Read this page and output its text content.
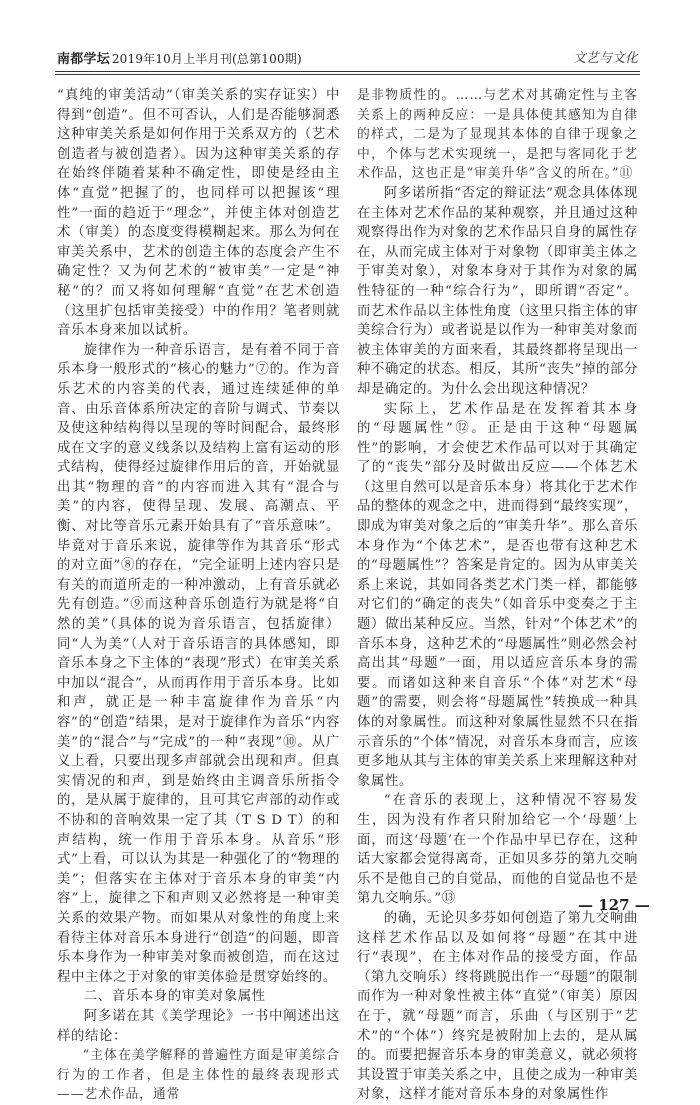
南都学坛 2019年10月上半月刊(总第100期)	文艺与文化

“真纯的审美活动”（审美关系的实存证实）中得到“创造”。但不可否认，人们是否能够洞悉这种审美关系是如何作用于关系双方的（艺术创造者与被创造者）。因为这种审美关系的存在始终伴随着某种不确定性，即使是经由主体“直觉”把握了的，也同样可以把握该“理性”一面的趋近于“理念”，并使主体对创造艺术（审美）的态度变得模糊起来。那么为何在审美关系中，艺术的创造主体的态度会产生不确定性？又为何艺术的“被审美”一定是“神秘”的？而又将如何理解“直觉”在艺术创造（这里扩包括审美接受）中的作用？笔者则就音乐本身来加以试析。

旋律作为一种音乐语言，是有着不同于音乐本身一般形式的“核心的魅力”⑦的。作为音乐艺术的内容美的代表，通过连续延伸的单音、由乐音体系所决定的音阶与调式、节奏以及使这种结构得以呈现的等时间配合，最终形成在文字的意义线条以及结构上富有运动的形式结构，使得经过旋律作用后的音，开始就显出其“物理的音”的内容而进入其有“混合与美”的内容，使得呈现、发展、高潮点、平衡、对比等音乐元素开始具有了“音乐意味”。毕竟对于音乐来说，旋律等作为其音乐“形式的对立面”⑧的存在，“完全证明上述内容只是有关的而道所走的一种冲激动，上有音乐就必先有创造。”⑨而这种音乐创造行为就是将“自然的美”（具体的说为音乐语言，包括旋律）同“人为美”（人对于音乐语言的具体感知，即音乐本身之下主体的“表现”形式）在审美关系中加以“混合”，从而再作用于音乐本身。比如和声，就正是一种丰富旋律作为音乐“内容”的“创造”结果，是对于旋律作为音乐“内容美”的“混合”与“完成”的一种“表现”⑩。从广义上看，只要出现多声部就会出现和声。但真实情况的和声，到是始终由主调音乐所指令的，是从属于旋律的，且可其它声部的动作或不协和的音响效果一定了其（T S D T）的和声结构，统一作用于音乐本身。从音乐“形式”上看，可以认为其是一种强化了的“物理的美”；但落实在主体对于音乐本身的审美“内容”上，旋律之下和声则又必然将是一种审美关系的效果产物。而如果从对象性的角度上来看待主体对音乐本身进行“创造”的问题，即音乐本身作为一种审美对象而被创造，而在这过程中主体之于对象的审美体验是贯穿始终的。

二、音乐本身的审美对象属性

阿多诺在其《美学理论》一书中阐述出这样的结论：

“主体在美学解释的普遍性方面是审美综合行为的工作者，但是主体性的最终表现形式——艺术作品，通常

是非物质性的。……与艺术对其确定性与主客关系上的两种反应：一是具体使其感知为自律的样式，二是为了显现其本体的自律于现象之中，个体与艺术实现统一，是把与客同化于艺术作品，这也正是“审美升华”含义的所在。”⑪

阿多诺所指“否定的辩证法”观念具体体现在主体对艺术作品的某种观察，并且通过这种观察得出作为对象的艺术作品只自身的属性存在，从而完成主体对于对象物（即审美主体之于审美对象），对象本身对于其作为对象的属性特征的一种“综合行为”，即所谓“否定”。而艺术作品以主体性角度（这里只指主体的审美综合行为）或者说是以作为一种审美对象而被主体审美的方面来看，其最终都将呈现出一种不确定的状态。相反，其所“丧失”掉的部分却是确定的。为什么会出现这种情况？

实际上，艺术作品是在发挥着其本身的“母题属性”⑫。正是由于这种“母题属性”的影响，才会使艺术作品可以对于其确定了的“丧失”部分及时做出反应——个体艺术（这里自然可以是音乐本身）将其化于艺术作品的整体的观念之中，进而得到“最终实现”，即成为审美对象之后的“审美升华”。那么音乐本身作为“个体艺术”，是否也带有这种艺术的“母题属性”？答案是肯定的。因为从审美关系上来说，其如同各类艺术门类一样，都能够对它们的“确定的丧失”（如音乐中变奏之于主题）做出某种反应。当然，针对“个体艺术”的音乐本身，这种艺术的“母题属性”则必然会衬高出其“母题”一面，用以适应音乐本身的需要。而诸如这种来自音乐“个体”对艺术“母题”的需要，则会将“母题属性”转换成一种具体的对象属性。而这种对象属性显然不只在指示音乐的“个体”情况，对音乐本身而言，应该更多地从其与主体的审美关系上来理解这种对象属性。

“在音乐的表现上，这种情况不容易发生，因为没有作者只附加给它一个‘母题’上面，而这‘母题’在一个作品中早已存在，这种话大家都会觉得离奇，正如贝多芬的第九交响乐不是他自己的自觉品，而他的自觉品也不是第九交响乐。”⑬

的确，无论贝多芬如何创造了第九交响曲这样艺术作品以及如何将“母题”在其中进行“表现”，在主体对作品的接受方面，作品（第九交响乐）终将跳脱出作一“母题”的限制而作为一种对象性被主体“直觉”（审美）原因在于，就“母题”而言，乐曲（与区别于“艺术”的“个体”）终究是被附加上去的，是从属的。而要把握音乐本身的审美意义，就必须将其设置于审美关系之中，且使之成为一种审美对象，这样才能对音乐本身的对象属性作

— 127 —
